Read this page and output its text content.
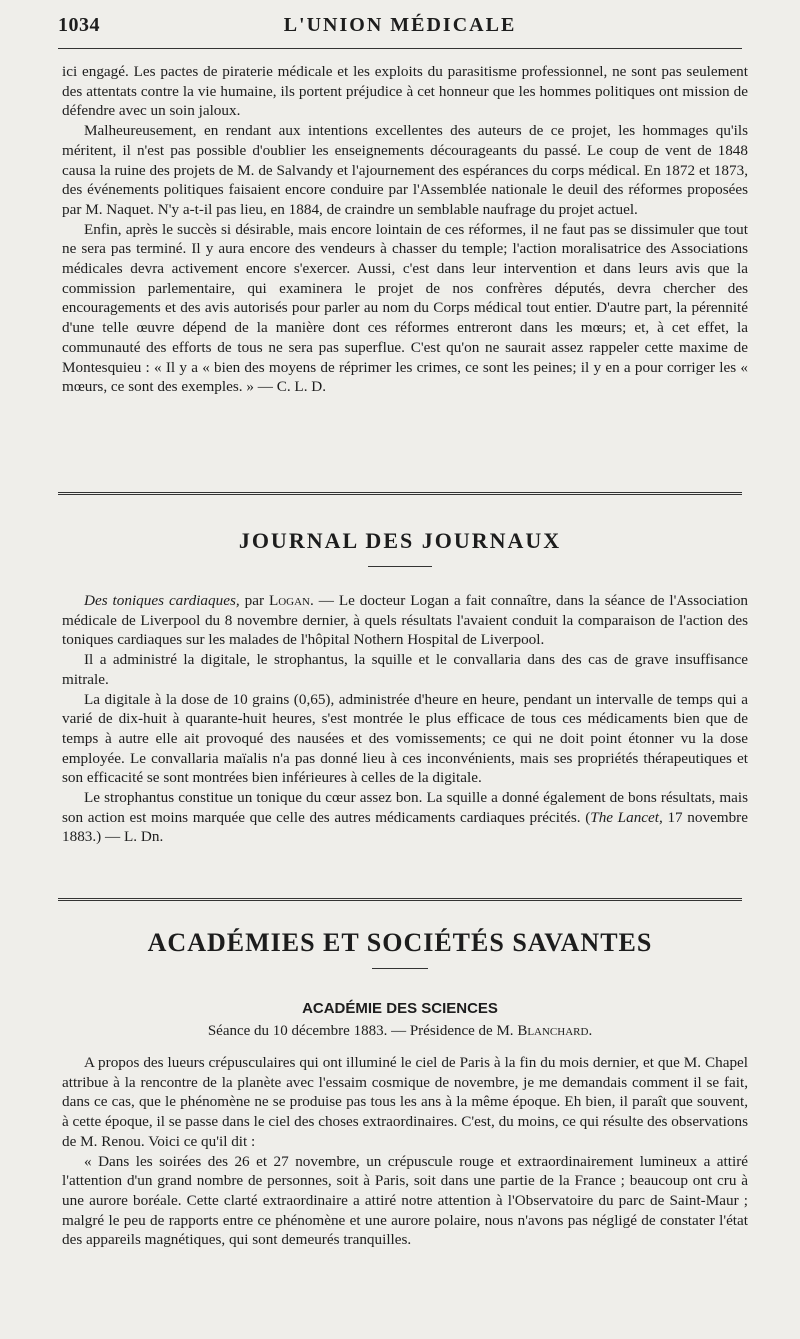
1034	L'UNION MÉDICALE

ici engagé. Les pactes de piraterie médicale et les exploits du parasitisme professionnel, ne sont pas seulement des attentats contre la vie humaine, ils portent préjudice à cet honneur que les hommes politiques ont mission de défendre avec un soin jaloux.

Malheureusement, en rendant aux intentions excellentes des auteurs de ce projet, les hommages qu'ils méritent, il n'est pas possible d'oublier les enseignements décourageants du passé. Le coup de vent de 1848 causa la ruine des projets de M. de Salvandy et l'ajournement des espérances du corps médical. En 1872 et 1873, des événements politiques faisaient encore conduire par l'Assemblée nationale le deuil des réformes proposées par M. Naquet. N'y a-t-il pas lieu, en 1884, de craindre un semblable naufrage du projet actuel.

Enfin, après le succès si désirable, mais encore lointain de ces réformes, il ne faut pas se dissimuler que tout ne sera pas terminé. Il y aura encore des vendeurs à chasser du temple; l'action moralisatrice des Associations médicales devra activement encore s'exercer. Aussi, c'est dans leur intervention et dans leurs avis que la commission parlementaire, qui examinera le projet de nos confrères députés, devra chercher des encouragements et des avis autorisés pour parler au nom du Corps médical tout entier. D'autre part, la pérennité d'une telle œuvre dépend de la manière dont ces réformes entreront dans les mœurs; et, à cet effet, la communauté des efforts de tous ne sera pas superflue. C'est qu'on ne saurait assez rappeler cette maxime de Montesquieu : « Il y a « bien des moyens de réprimer les crimes, ce sont les peines; il y en a pour corriger les « mœurs, ce sont des exemples. » — C. L. D.

JOURNAL DES JOURNAUX

Des toniques cardiaques, par Logan. — Le docteur Logan a fait connaître, dans la séance de l'Association médicale de Liverpool du 8 novembre dernier, à quels résultats l'avaient conduit la comparaison de l'action des toniques cardiaques sur les malades de l'hôpital Nothern Hospital de Liverpool.

Il a administré la digitale, le strophantus, la squille et le convallaria dans des cas de grave insuffisance mitrale.

La digitale à la dose de 10 grains (0,65), administrée d'heure en heure, pendant un intervalle de temps qui a varié de dix-huit à quarante-huit heures, s'est montrée le plus efficace de tous ces médicaments bien que de temps à autre elle ait provoqué des nausées et des vomissements; ce qui ne doit point étonner vu la dose employée. Le convallaria maïalis n'a pas donné lieu à ces inconvénients, mais ses propriétés thérapeutiques et son efficacité se sont montrées bien inférieures à celles de la digitale.

Le strophantus constitue un tonique du cœur assez bon. La squille a donné également de bons résultats, mais son action est moins marquée que celle des autres médicaments cardiaques précités. (The Lancet, 17 novembre 1883.) — L. Dn.

ACADÉMIES ET SOCIÉTÉS SAVANTES
ACADÉMIE DES SCIENCES
Séance du 10 décembre 1883. — Présidence de M. Blanchard.

A propos des lueurs crépusculaires qui ont illuminé le ciel de Paris à la fin du mois dernier, et que M. Chapel attribue à la rencontre de la planète avec l'essaim cosmique de novembre, je me demandais comment il se fait, dans ce cas, que le phénomène ne se produise pas tous les ans à la même époque. Eh bien, il paraît que souvent, à cette époque, il se passe dans le ciel des choses extraordinaires. C'est, du moins, ce qui résulte des observations de M. Renou. Voici ce qu'il dit :

« Dans les soirées des 26 et 27 novembre, un crépuscule rouge et extraordinairement lumineux a attiré l'attention d'un grand nombre de personnes, soit à Paris, soit dans une partie de la France ; beaucoup ont cru à une aurore boréale. Cette clarté extraordinaire a attiré notre attention à l'Observatoire du parc de Saint-Maur ; malgré le peu de rapports entre ce phénomène et une aurore polaire, nous n'avons pas négligé de constater l'état des appareils magnétiques, qui sont demeurés tranquilles.
